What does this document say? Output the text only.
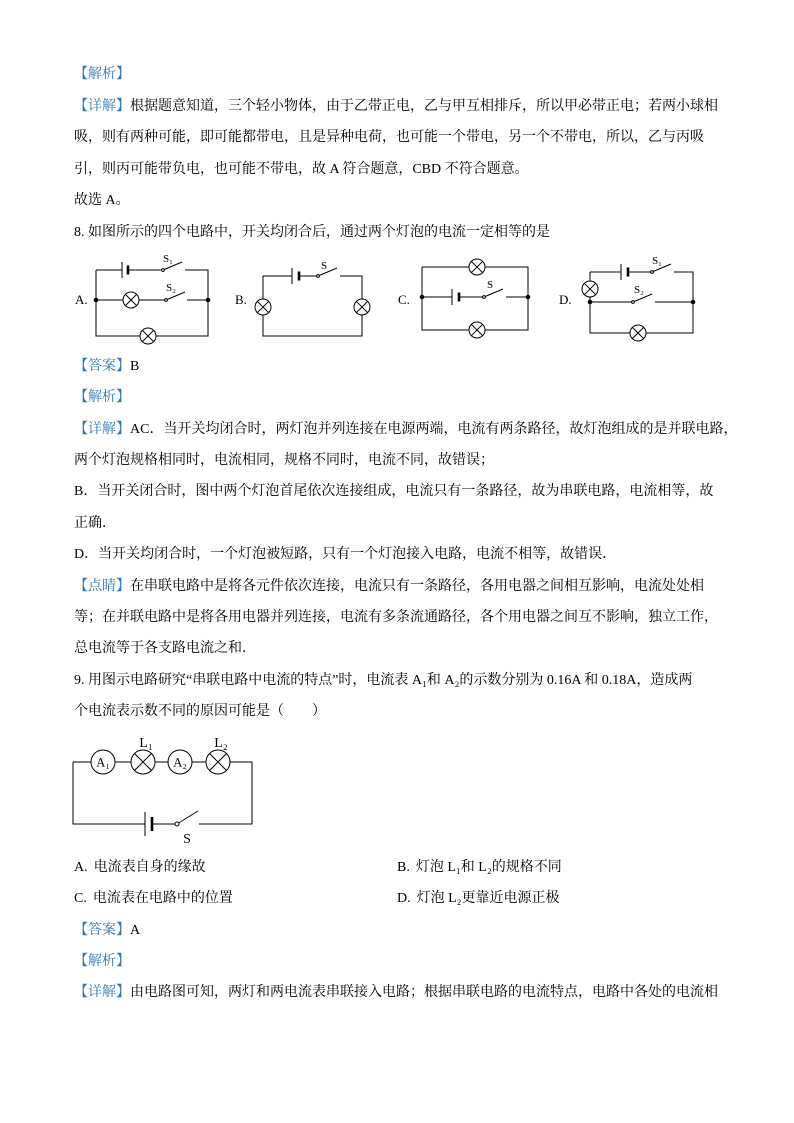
【解析】
【详解】根据题意知道，三个轻小物体，由于乙带正电，乙与甲互相排斥，所以甲必带正电；若两小球相
吸，则有两种可能，即可能都带电，且是异种电荷，也可能一个带电，另一个不带电，所以，乙与丙吸
引，则丙可能带负电，也可能不带电，故 A 符合题意，CBD 不符合题意。
故选 A。
8. 如图所示的四个电路中，开关均闭合后，通过两个灯泡的电流一定相等的是
A.
S₁
S₂
B.
S
C.
S
D.
S₁
S₂
【答案】B
【解析】
【详解】AC．当开关均闭合时，两灯泡并列连接在电源两端，电流有两条路径，故灯泡组成的是并联电路，
两个灯泡规格相同时，电流相同，规格不同时，电流不同，故错误；
B．当开关闭合时，图中两个灯泡首尾依次连接组成，电流只有一条路径，故为串联电路，电流相等，故
正确．
D．当开关均闭合时，一个灯泡被短路，只有一个灯泡接入电路，电流不相等，故错误．
【点睛】在串联电路中是将各元件依次连接，电流只有一条路径，各用电器之间相互影响，电流处处相
等；在并联电路中是将各用电器并列连接，电流有多条流通路径，各个用电器之间互不影响，独立工作，
总电流等于各支路电流之和．
9. 用图示电路研究“串联电路中电流的特点”时，电流表 A₁和 A₂的示数分别为 0.16A 和 0.18A，造成两
个电流表示数不同的原因可能是（　　）
S
A₁
L₁
A₂
L₂
A. 电流表自身的缘故	B. 灯泡 L₁和 L₂的规格不同
C. 电流表在电路中的位置	D. 灯泡 L₂更靠近电源正极
【答案】A
【解析】
【详解】由电路图可知，两灯和两电流表串联接入电路；根据串联电路的电流特点，电路中各处的电流相
